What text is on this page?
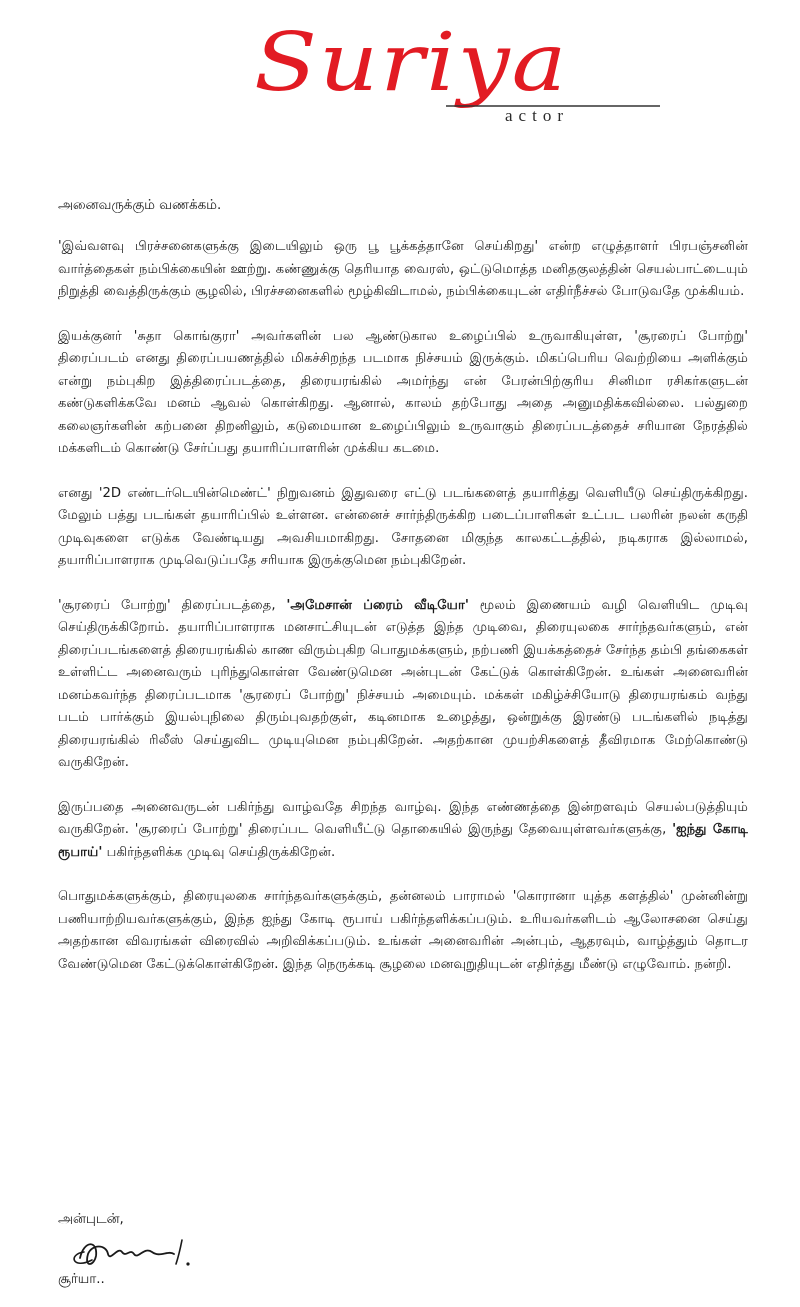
Suriya
actor

அனைவருக்கும் வணக்கம்.

'இவ்வளவு பிரச்சனைகளுக்கு இடையிலும் ஒரு பூ பூக்கத்தானே செய்கிறது' என்ற எழுத்தாளர் பிரபஞ்சனின் வார்த்தைகள் நம்பிக்கையின் ஊற்று. கண்ணுக்கு தெரியாத வைரஸ், ஒட்டுமொத்த மனிதகுலத்தின் செயல்பாட்டையும் நிறுத்தி வைத்திருக்கும் சூழலில், பிரச்சனைகளில் மூழ்கிவிடாமல், நம்பிக்கையுடன் எதிர்நீச்சல் போடுவதே முக்கியம்.

இயக்குனர் 'சுதா கொங்குரா' அவர்களின் பல ஆண்டுகால உழைப்பில் உருவாகியுள்ள, 'சூரரைப் போற்று' திரைப்படம் எனது திரைப்பயணத்தில் மிகச்சிறந்த படமாக நிச்சயம் இருக்கும். மிகப்பெரிய வெற்றியை அளிக்கும் என்று நம்புகிற இத்திரைப்படத்தை, திரையரங்கில் அமர்ந்து என் பேரன்பிற்குரிய சினிமா ரசிகர்களுடன் கண்டுகளிக்கவே மனம் ஆவல் கொள்கிறது. ஆனால், காலம் தற்போது அதை அனுமதிக்கவில்லை. பல்துறை கலைஞர்களின் கற்பனை திறனிலும், கடுமையான உழைப்பிலும் உருவாகும் திரைப்படத்தைச் சரியான நேரத்தில் மக்களிடம் கொண்டு சேர்ப்பது தயாரிப்பாளரின் முக்கிய கடமை.

எனது '2D எண்டர்டெயின்மெண்ட்' நிறுவனம் இதுவரை எட்டு படங்களைத் தயாரித்து வெளியீடு செய்திருக்கிறது. மேலும் பத்து படங்கள் தயாரிப்பில் உள்ளன. என்னைச் சார்ந்திருக்கிற படைப்பாளிகள் உட்பட பலரின் நலன் கருதி முடிவுகளை எடுக்க வேண்டியது அவசியமாகிறது. சோதனை மிகுந்த காலகட்டத்தில், நடிகராக இல்லாமல், தயாரிப்பாளராக முடிவெடுப்பதே சரியாக இருக்குமென நம்புகிறேன்.

'சூரரைப் போற்று' திரைப்படத்தை, 'அமேசான் ப்ரைம் வீடியோ' மூலம் இணையம் வழி வெளியிட முடிவு செய்திருக்கிறோம். தயாரிப்பாளராக மனசாட்சியுடன் எடுத்த இந்த முடிவை, திரையுலகை சார்ந்தவர்களும், என் திரைப்படங்களைத் திரையரங்கில் காண விரும்புகிற பொதுமக்களும், நற்பணி இயக்கத்தைச் சேர்ந்த தம்பி தங்கைகள் உள்ளிட்ட அனைவரும் புரிந்துகொள்ள வேண்டுமென அன்புடன் கேட்டுக் கொள்கிறேன். உங்கள் அனைவரின் மனம்கவர்ந்த திரைப்படமாக 'சூரரைப் போற்று' நிச்சயம் அமையும். மக்கள் மகிழ்ச்சியோடு திரையரங்கம் வந்து படம் பார்க்கும் இயல்புநிலை திரும்புவதற்குள், கடினமாக உழைத்து, ஒன்றுக்கு இரண்டு படங்களில் நடித்து திரையரங்கில் ரிலீஸ் செய்துவிட முடியுமென நம்புகிறேன். அதற்கான முயற்சிகளைத் தீவிரமாக மேற்கொண்டு வருகிறேன்.

இருப்பதை அனைவருடன் பகிர்ந்து வாழ்வதே சிறந்த வாழ்வு. இந்த எண்ணத்தை இன்றளவும் செயல்படுத்தியும் வருகிறேன். 'சூரரைப் போற்று' திரைப்பட வெளியீட்டு தொகையில் இருந்து தேவையுள்ளவர்களுக்கு, 'ஐந்து கோடி ரூபாய்' பகிர்ந்தளிக்க முடிவு செய்திருக்கிறேன்.

பொதுமக்களுக்கும், திரையுலகை சார்ந்தவர்களுக்கும், தன்னலம் பாராமல் 'கொரானா யுத்த களத்தில்' முன்னின்று பணியாற்றியவர்களுக்கும், இந்த ஐந்து கோடி ரூபாய் பகிர்ந்தளிக்கப்படும். உரியவர்களிடம் ஆலோசனை செய்து அதற்கான விவரங்கள் விரைவில் அறிவிக்கப்படும். உங்கள் அனைவரின் அன்பும், ஆதரவும், வாழ்த்தும் தொடர வேண்டுமென கேட்டுக்கொள்கிறேன். இந்த நெருக்கடி சூழலை மனவுறுதியுடன் எதிர்த்து மீண்டு எழுவோம். நன்றி.

அன்புடன்,
சூர்யா..
